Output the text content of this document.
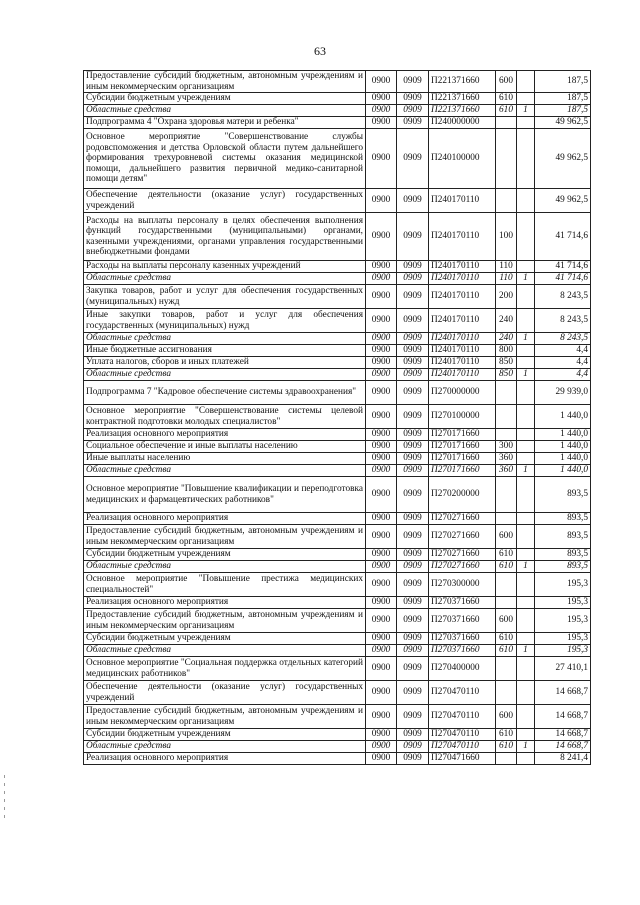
63
Предоставление субсидий бюджетным, автономным учреждениям и иным некоммерческим организациям	0900	0909	П221371660	600		187,5
Субсидии бюджетным учреждениям	0900	0909	П221371660	610		187,5
Областные средства	0900	0909	П221371660	610	1	187,5
Подпрограмма 4 "Охрана здоровья матери и ребенка"	0900	0909	П240000000			49 962,5
Основное мероприятие "Совершенствование службы родовспоможения и детства Орловской области путем дальнейшего формирования трехуровневой системы оказания медицинской помощи, дальнейшего развития первичной медико-санитарной помощи детям"	0900	0909	П240100000			49 962,5
Обеспечение деятельности (оказание услуг) государственных учреждений	0900	0909	П240170110			49 962,5
Расходы на выплаты персоналу в целях обеспечения выполнения функций государственными (муниципальными) органами, казенными учреждениями, органами управления государственными внебюджетными фондами	0900	0909	П240170110	100		41 714,6
Расходы на выплаты персоналу казенных учреждений	0900	0909	П240170110	110		41 714,6
Областные средства	0900	0909	П240170110	110	1	41 714,6
Закупка товаров, работ и услуг для обеспечения государственных (муниципальных) нужд	0900	0909	П240170110	200		8 243,5
Иные закупки товаров, работ и услуг для обеспечения государственных (муниципальных) нужд	0900	0909	П240170110	240		8 243,5
Областные средства	0900	0909	П240170110	240	1	8 243,5
Иные бюджетные ассигнования	0900	0909	П240170110	800		4,4
Уплата налогов, сборов и иных платежей	0900	0909	П240170110	850		4,4
Областные средства	0900	0909	П240170110	850	1	4,4
Подпрограмма 7 "Кадровое обеспечение системы здравоохранения"	0900	0909	П270000000			29 939,0
Основное мероприятие "Совершенствование системы целевой контрактной подготовки молодых специалистов"	0900	0909	П270100000			1 440,0
Реализация основного мероприятия	0900	0909	П270171660			1 440,0
Социальное обеспечение и иные выплаты населению	0900	0909	П270171660	300		1 440,0
Иные выплаты населению	0900	0909	П270171660	360		1 440,0
Областные средства	0900	0909	П270171660	360	1	1 440,0
Основное мероприятие "Повышение квалификации и переподготовка медицинских и фармацевтических работников"	0900	0909	П270200000			893,5
Реализация основного мероприятия	0900	0909	П270271660			893,5
Предоставление субсидий бюджетным, автономным учреждениям и иным некоммерческим организациям	0900	0909	П270271660	600		893,5
Субсидии бюджетным учреждениям	0900	0909	П270271660	610		893,5
Областные средства	0900	0909	П270271660	610	1	893,5
Основное мероприятие "Повышение престижа медицинских специальностей"	0900	0909	П270300000			195,3
Реализация основного мероприятия	0900	0909	П270371660			195,3
Предоставление субсидий бюджетным, автономным учреждениям и иным некоммерческим организациям	0900	0909	П270371660	600		195,3
Субсидии бюджетным учреждениям	0900	0909	П270371660	610		195,3
Областные средства	0900	0909	П270371660	610	1	195,3
Основное мероприятие "Социальная поддержка отдельных категорий медицинских работников"	0900	0909	П270400000			27 410,1
Обеспечение деятельности (оказание услуг) государственных учреждений	0900	0909	П270470110			14 668,7
Предоставление субсидий бюджетным, автономным учреждениям и иным некоммерческим организациям	0900	0909	П270470110	600		14 668,7
Субсидии бюджетным учреждениям	0900	0909	П270470110	610		14 668,7
Областные средства	0900	0909	П270470110	610	1	14 668,7
Реализация основного мероприятия	0900	0909	П270471660			8 241,4
